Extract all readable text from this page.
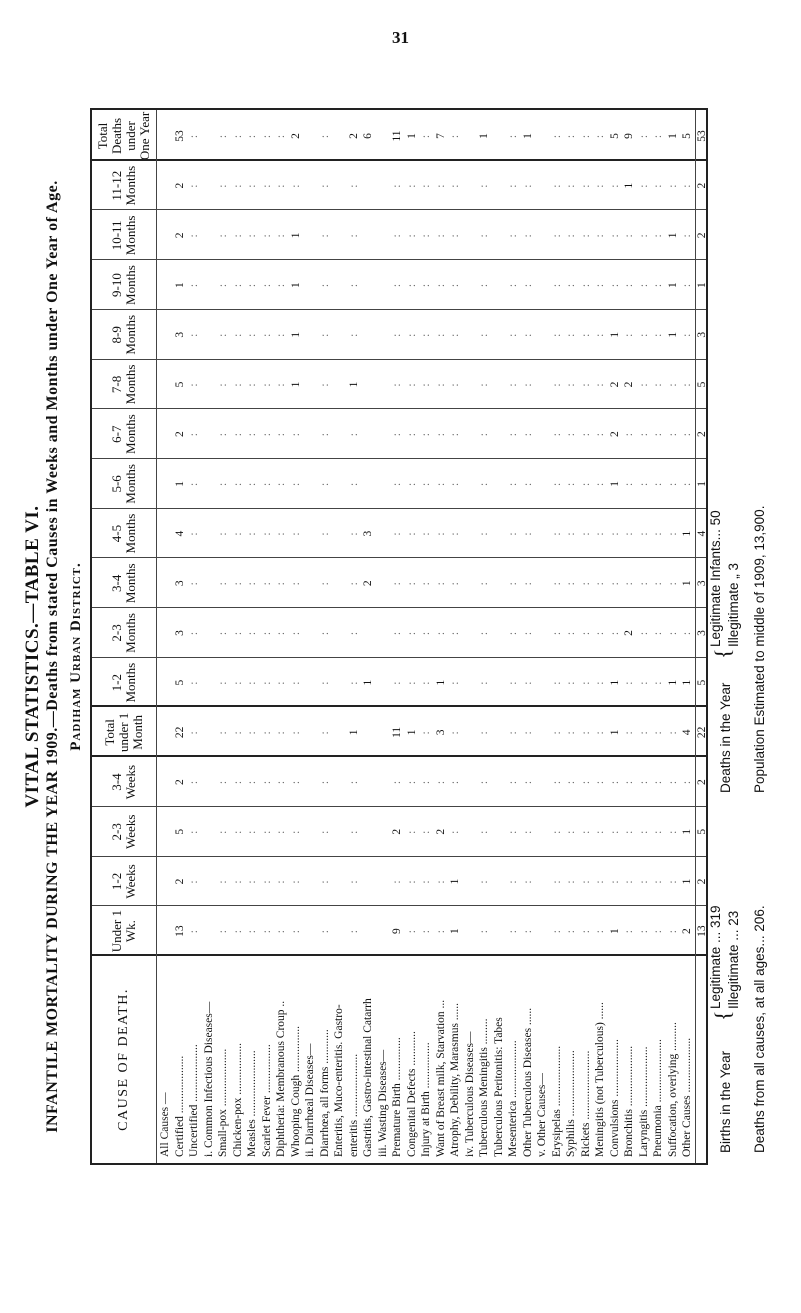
31
VITAL STATISTICS.—TABLE VI. INFANTILE MORTALITY DURING THE YEAR 1909.—Deaths from stated Causes in Weeks and Months under One Year of Age. Padiham Urban District.
CAUSE OF DEATH.
Under 1 Wk.
1-2 Weeks
2-3 Weeks
3-4 Weeks
Total under 1 Month
1-2 Months
2-3 Months
3-4 Months
4-5 Months
5-6 Months
6-7 Months
7-8 Months
8-9 Months
9-10 Months
10-11 Months
11-12 Months
Total Deaths under One Year
All Causes — Certified ....................
13
2
5
2
22
5
3
3
4
1
2
5
3
1
2
2
53
Uncertified ....................
:
:
:
:
:
:
:
:
:
:
:
:
:
:
:
:
:
i. Common Infectious Diseases— Small-pox ....................
:
:
:
:
:
:
:
:
:
:
:
:
:
:
:
:
:
Chicken-pox ..................
:
:
:
:
:
:
:
:
:
:
:
:
:
:
:
:
:
Measles .......................
:
:
:
:
:
:
:
:
:
:
:
:
:
:
:
:
:
Scarlet Fever .................
:
:
:
:
:
:
:
:
:
:
:
:
:
:
:
:
:
Diphtheria: Membranous Croup ..
:
:
:
:
:
:
:
:
:
:
:
:
:
:
:
:
:
Whooping Cough ................
:
:
:
:
:
:
:
:
:
:
:
1
1
1
1
:
2
ii. Diarrhœal Diseases— Diarrhœa, all forms ............
:
:
:
:
:
:
:
:
:
:
:
:
:
:
:
:
:
Enteritis, Muco-enteritis. Gastro- enteritis ......................
:
:
:
:
1
:
:
:
:
:
:
1
:
:
:
:
2
Gastritis, Gastro-intestinal Catarrh
1
2
3
6
iii. Wasting Diseases— Premature Birth ...............
9
:
2
:
11
:
:
:
:
:
:
:
:
:
:
:
11
Congenital Defects ............
:
:
:
:
1
:
:
:
:
:
:
:
:
:
:
:
1
Injury at Birth ................
:
:
:
:
:
:
:
:
:
:
:
:
:
:
:
:
:
Want of Breast milk, Starvation ...
:
:
2
:
3
1
:
:
:
:
:
:
:
:
:
:
7
Atrophy, Debility, Marasmus ......
1
1
:
:
:
:
:
:
:
:
:
:
:
:
:
:
:
iv. Tuberculous Diseases— Tuberculous Meningitis .........
:
:
:
:
:
:
:
:
:
:
:
:
:
:
:
:
1
Tuberculous Peritonitis: Tabes Mesenterica ....................
:
:
:
:
:
:
:
:
:
:
:
:
:
:
:
:
:
Other Tuberculous Diseases ......
:
:
:
:
:
:
:
:
:
:
:
:
:
:
:
:
1
v. Other Causes— Erysipelas .....................
:
:
:
:
:
:
:
:
:
:
:
:
:
:
:
:
:
Syphilis .......................
:
:
:
:
:
:
:
:
:
:
:
:
:
:
:
:
:
Rickets ........................
:
:
:
:
:
:
:
:
:
:
:
:
:
:
:
:
:
Meningitis (not Tuberculous) ......
:
:
:
:
:
:
:
:
:
:
:
:
:
:
:
:
:
Convulsions ....................
1
:
:
:
1
1
:
:
:
1
2
2
1
:
:
:
5
Bronchitis .....................
:
:
:
:
:
:
2
:
:
:
:
2
:
:
:
1
9
Laryngitis .....................
:
:
:
:
:
:
:
:
:
:
:
:
:
:
:
:
:
Pneumonia ......................
:
:
:
:
:
:
:
:
:
:
:
:
:
:
:
:
:
Suffocation, overlying ..........
:
:
:
:
:
1
:
:
:
:
:
:
1
1
1
:
1
Other Causes ...................
2
1
1
:
4
1
:
1
1
:
:
:
:
:
:
:
5
13
2
5
2
22
5
3
3
4
1
2
5
3
1
2
2
53
Births in the Year
{
Legitimate ... 319 Illegitimate ... 23
Deaths in the Year
{
Legitimate Infants... 50 Illegitimate „ 3
Deaths from all causes, at all ages... 206.
Population Estimated to middle of 1909, 13,900.
